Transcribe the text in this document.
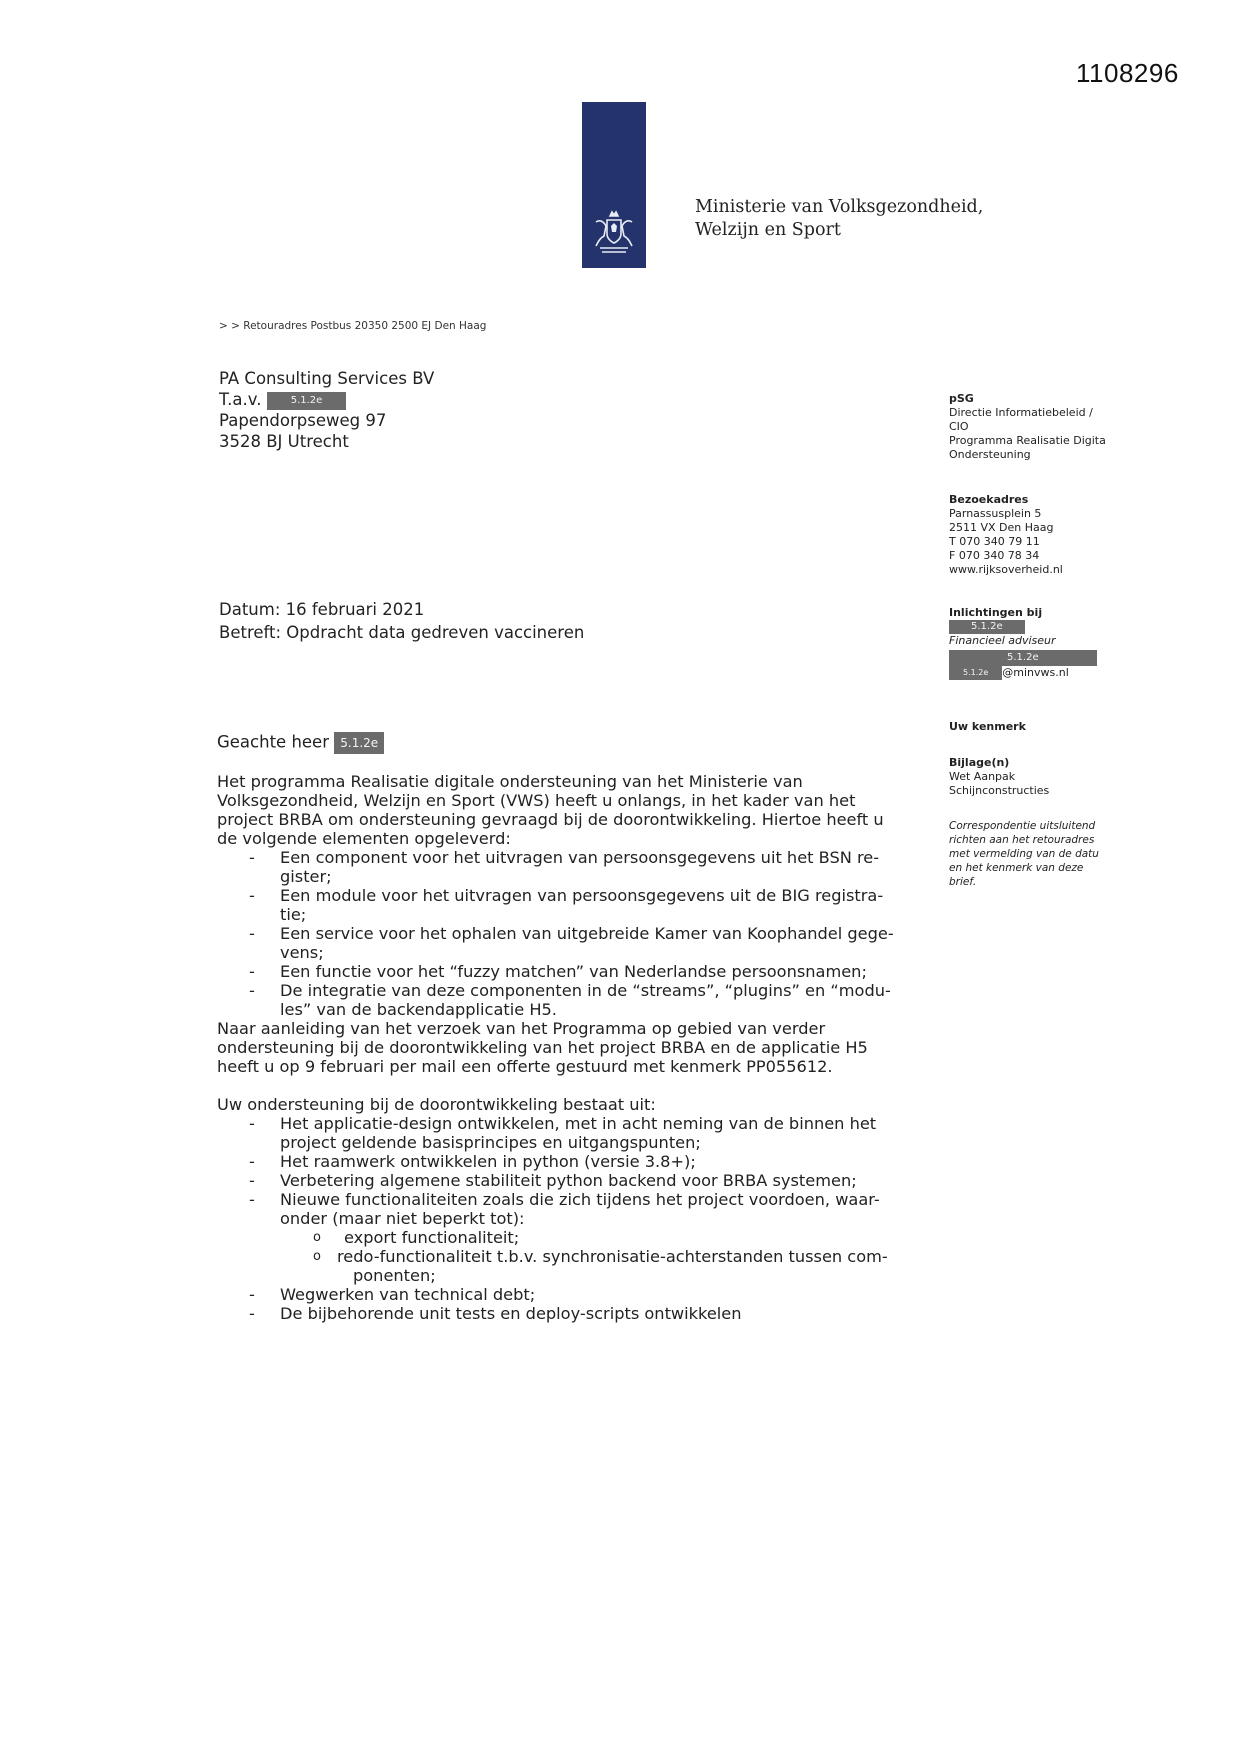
1108296
Ministerie van Volksgezondheid,
Welzijn en Sport
> > Retouradres Postbus 20350 2500 EJ Den Haag
PA Consulting Services BV
T.a.v.	5.1.2e
Papendorpseweg 97
3528 BJ Utrecht
pSG
Directie Informatiebeleid /
CIO
Programma Realisatie Digita
Ondersteuning
Bezoekadres
Parnassusplein 5
2511 VX Den Haag
T 070 340 79 11
F 070 340 78 34
www.rijksoverheid.nl
Inlichtingen bij
5.1.2e
Financieel adviseur
5.1.2e
5.1.2e @minvws.nl
Uw kenmerk
Bijlage(n)
Wet Aanpak
Schijnconstructies
Correspondentie uitsluitend
richten aan het retouradres
met vermelding van de datu
en het kenmerk van deze
brief.
Datum: 16 februari 2021
Betreft: Opdracht data gedreven vaccineren
Geachte heer 5.1.2e

Het programma Realisatie digitale ondersteuning van het Ministerie van

Volksgezondheid, Welzijn en Sport (VWS) heeft u onlangs, in het kader van het

project BRBA om ondersteuning gevraagd bij de doorontwikkeling. Hiertoe heeft u

de volgende elementen opgeleverd:

- Een component voor het uitvragen van persoonsgegevens uit het BSN re-
gister;
- Een module voor het uitvragen van persoonsgegevens uit de BIG registra-
tie;
- Een service voor het ophalen van uitgebreide Kamer van Koophandel gege-
vens;
- Een functie voor het “fuzzy matchen” van Nederlandse persoonsnamen;
- De integratie van deze componenten in de “streams”, “plugins” en “modu-
les” van de backendapplicatie H5.

Naar aanleiding van het verzoek van het Programma op gebied van verder

ondersteuning bij de doorontwikkeling van het project BRBA en de applicatie H5

heeft u op 9 februari per mail een offerte gestuurd met kenmerk PP055612.

Uw ondersteuning bij de doorontwikkeling bestaat uit:

- Het applicatie-design ontwikkelen, met in acht neming van de binnen het
project geldende basisprincipes en uitgangspunten;
- Het raamwerk ontwikkelen in python (versie 3.8+);
- Verbetering algemene stabiliteit python backend voor BRBA systemen;
- Nieuwe functionaliteiten zoals die zich tijdens het project voordoen, waar-
onder (maar niet beperkt tot):
o export functionaliteit;
o redo-functionaliteit t.b.v. synchronisatie-achterstanden tussen com-
ponenten;
- Wegwerken van technical debt;
- De bijbehorende unit tests en deploy-scripts ontwikkelen
